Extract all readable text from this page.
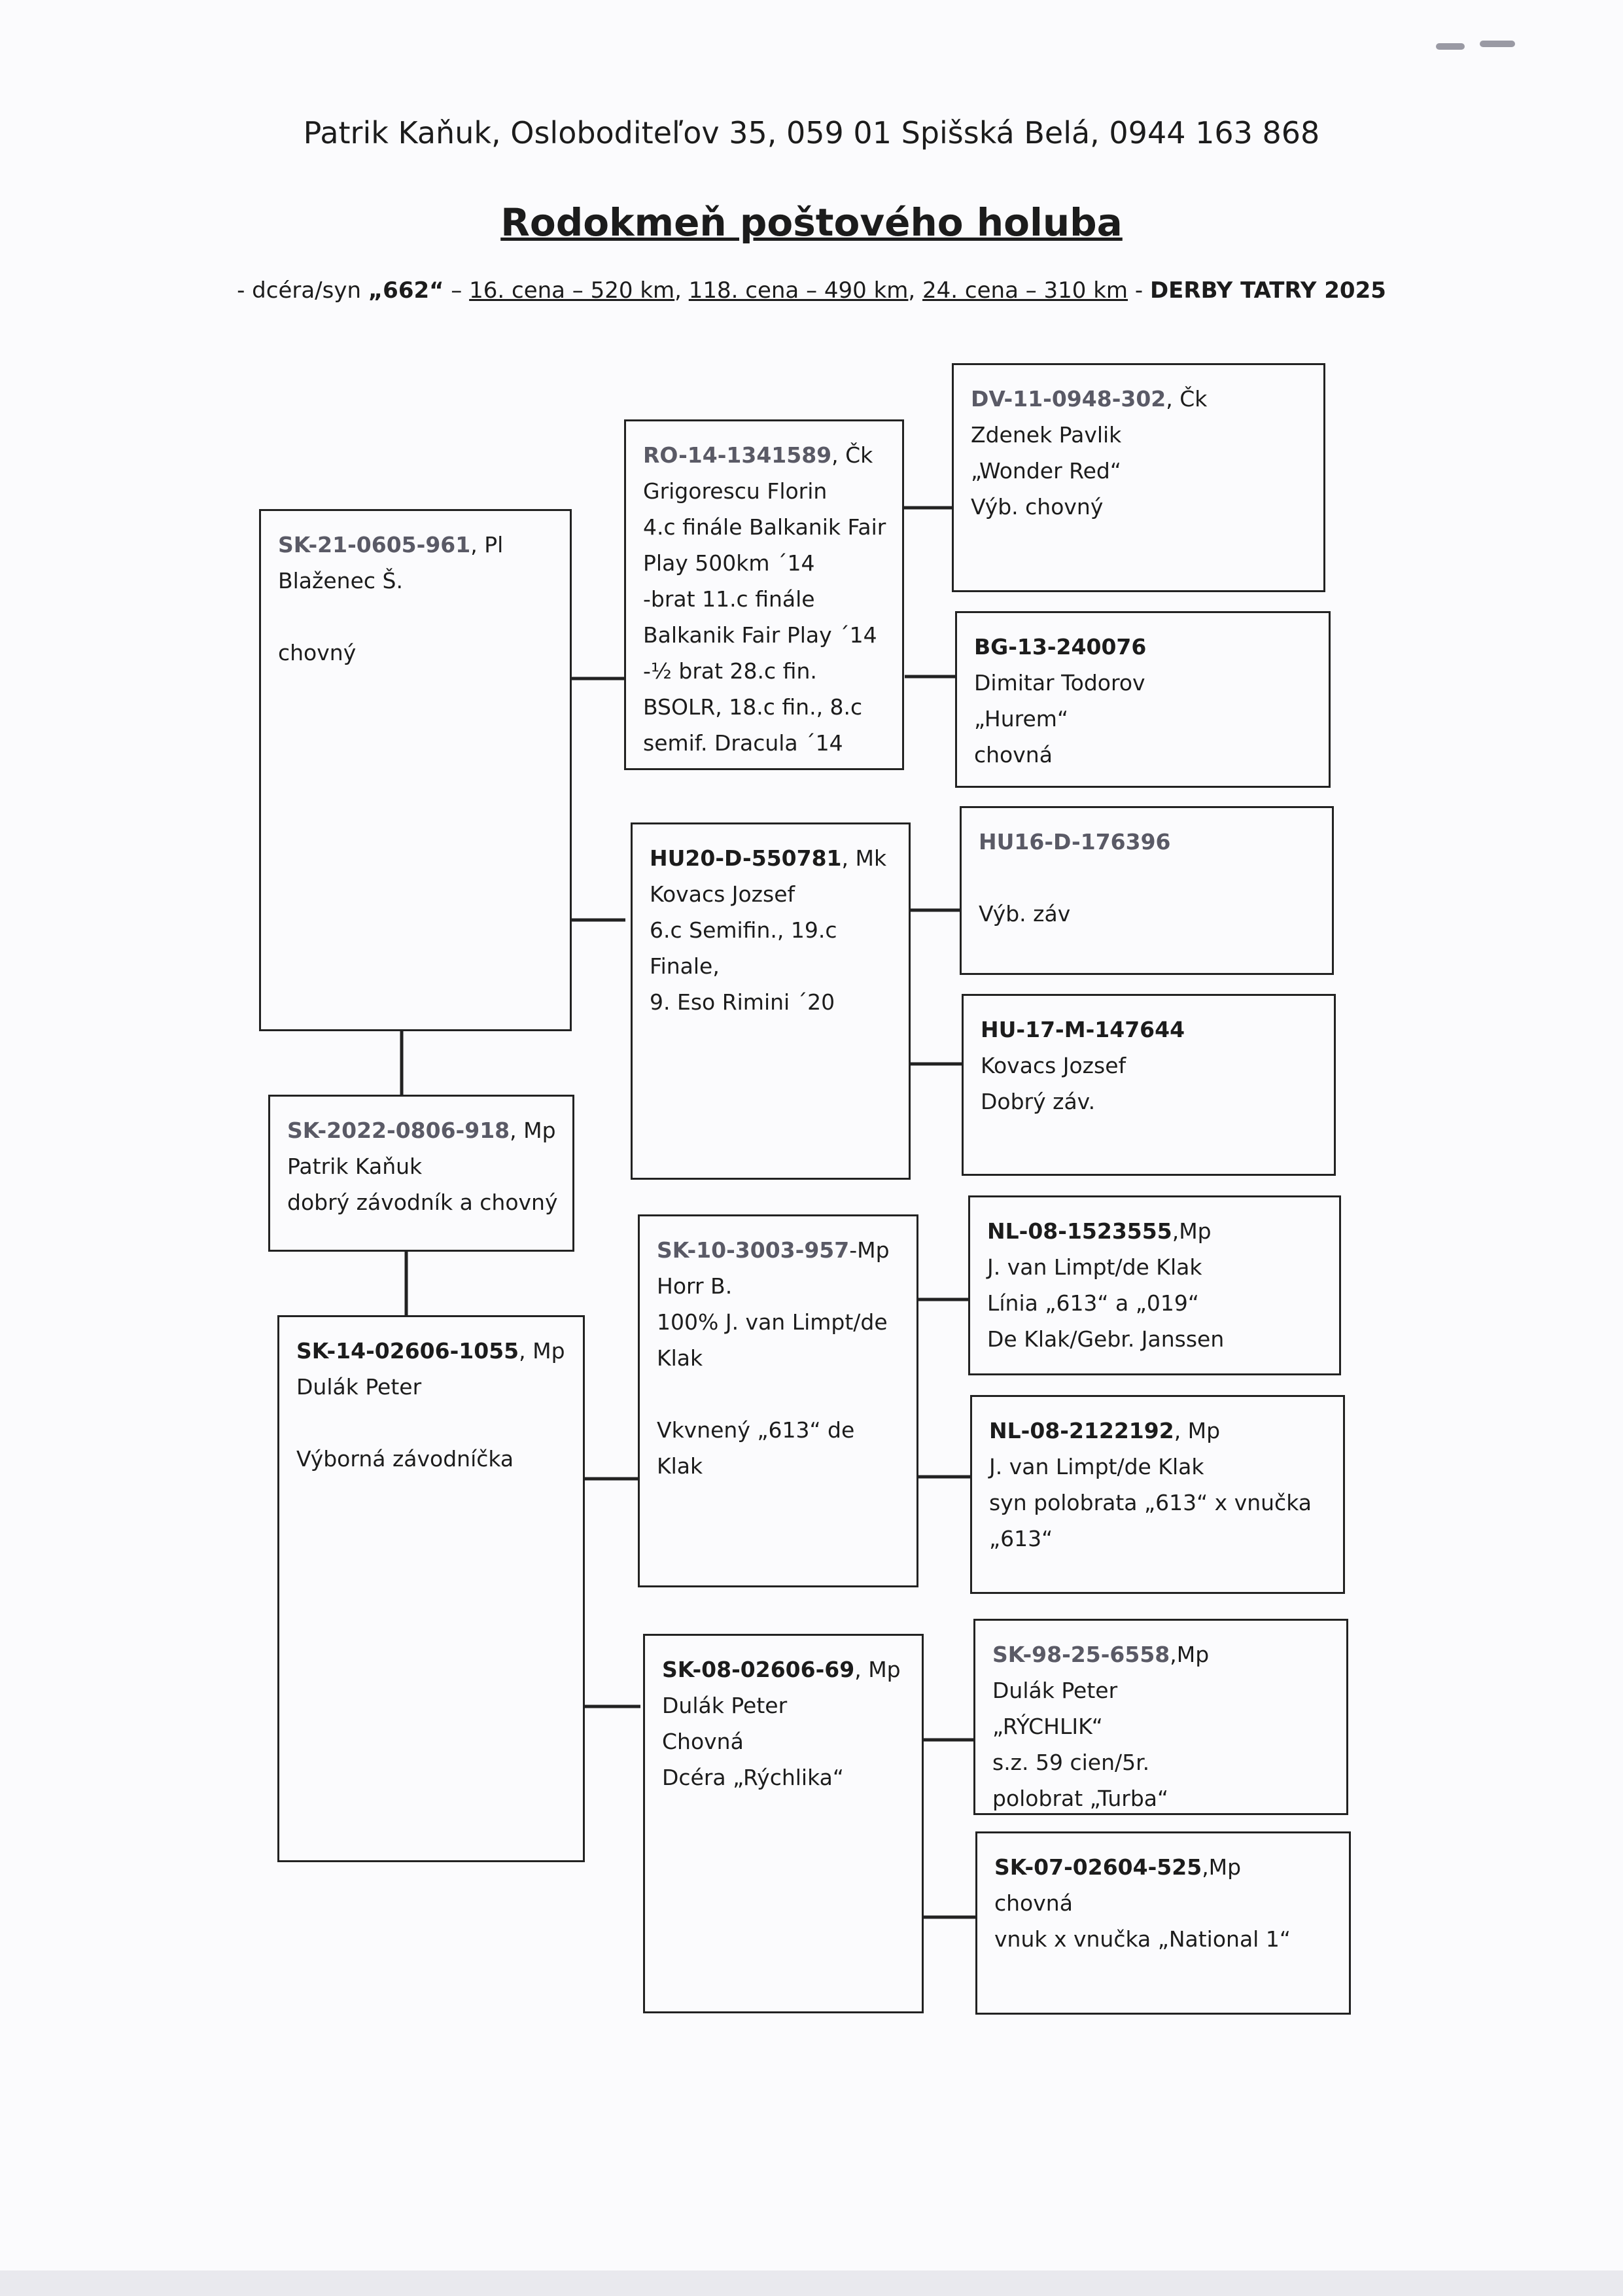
Patrik Kaňuk, Osloboditeľov 35, 059 01 Spišská Belá, 0944 163 868
Rodokmeň poštového holuba
- dcéra/syn „662“ – 16. cena – 520 km, 118. cena – 490 km, 24. cena – 310 km - DERBY TATRY 2025
SK-21-0605-961, Pl
Blaženec Š.
chovný
SK-2022-0806-918, Mp
Patrik Kaňuk
dobrý závodník a chovný
SK-14-02606-1055, Mp
Dulák Peter
Výborná závodníčka
RO-14-1341589, Čk
Grigorescu Florin
4.c finále Balkanik Fair
Play 500km ´14
-brat 11.c finále
Balkanik Fair Play ´14
-½ brat 28.c fin.
BSOLR, 18.c fin., 8.c
semif. Dracula ´14
HU20-D-550781, Mk
Kovacs Jozsef
6.c Semifin., 19.c
Finale,
9. Eso Rimini ´20
SK-10-3003-957-Mp
Horr B.
100% J. van Limpt/de
Klak
Vkvnený „613“ de
Klak
SK-08-02606-69, Mp
Dulák Peter
Chovná
Dcéra „Rýchlika“
DV-11-0948-302, Čk
Zdenek Pavlik
„Wonder Red“
Výb. chovný
BG-13-240076
Dimitar Todorov
„Hurem“
chovná
HU16-D-176396
Výb. záv
HU-17-M-147644
Kovacs Jozsef
Dobrý záv.
NL-08-1523555,Mp
J. van Limpt/de Klak
Línia „613“ a „019“
De Klak/Gebr. Janssen
NL-08-2122192, Mp
J. van Limpt/de Klak
syn polobrata „613“ x vnučka
„613“
SK-98-25-6558,Mp
Dulák Peter
„RÝCHLIK“
s.z. 59 cien/5r.
polobrat „Turba“
SK-07-02604-525,Mp
chovná
vnuk x vnučka „National 1“
